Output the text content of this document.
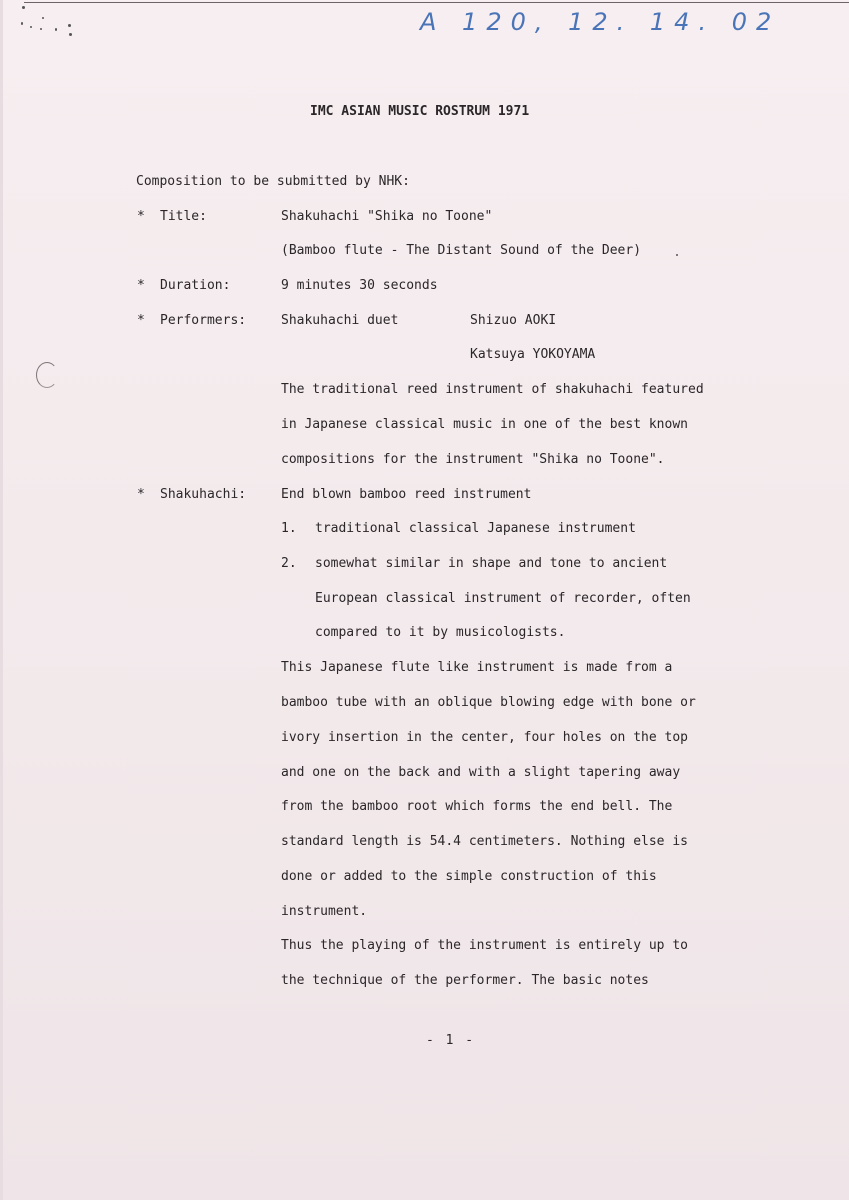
A 120, 12. 14. 02
IMC ASIAN MUSIC ROSTRUM 1971
Composition to be submitted by NHK:
* Title:	Shakuhachi "Shika no Toone"
(Bamboo flute - The Distant Sound of the Deer)
* Duration:	9 minutes 30 seconds
* Performers:	Shakuhachi duet	Shizuo AOKI
Katsuya YOKOYAMA
The traditional reed instrument of shakuhachi featured
in Japanese classical music in one of the best known
compositions for the instrument "Shika no Toone".
* Shakuhachi:	End blown bamboo reed instrument
1. traditional classical Japanese instrument
2. somewhat similar in shape and tone to ancient
European classical instrument of recorder, often
compared to it by musicologists.
This Japanese flute like instrument is made from a
bamboo tube with an oblique blowing edge with bone or
ivory insertion in the center, four holes on the top
and one on the back and with a slight tapering away
from the bamboo root which forms the end bell. The
standard length is 54.4 centimeters. Nothing else is
done or added to the simple construction of this
instrument.
Thus the playing of the instrument is entirely up to
the technique of the performer. The basic notes
- 1 -
